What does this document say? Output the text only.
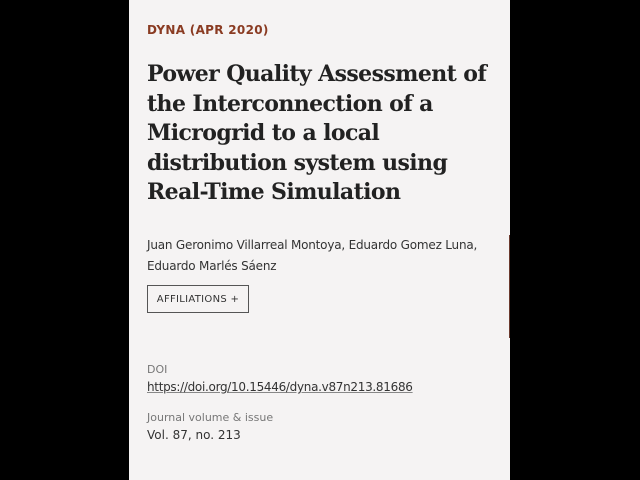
DYNA (APR 2020)
Power Quality Assessment of the Interconnection of a Microgrid to a local distribution system using Real-Time Simulation
Juan Geronimo Villarreal Montoya, Eduardo Gomez Luna,
Eduardo Marlés Sáenz
AFFILIATIONS +
DOI
https://doi.org/10.15446/dyna.v87n213.81686
Journal volume & issue
Vol. 87, no. 213
